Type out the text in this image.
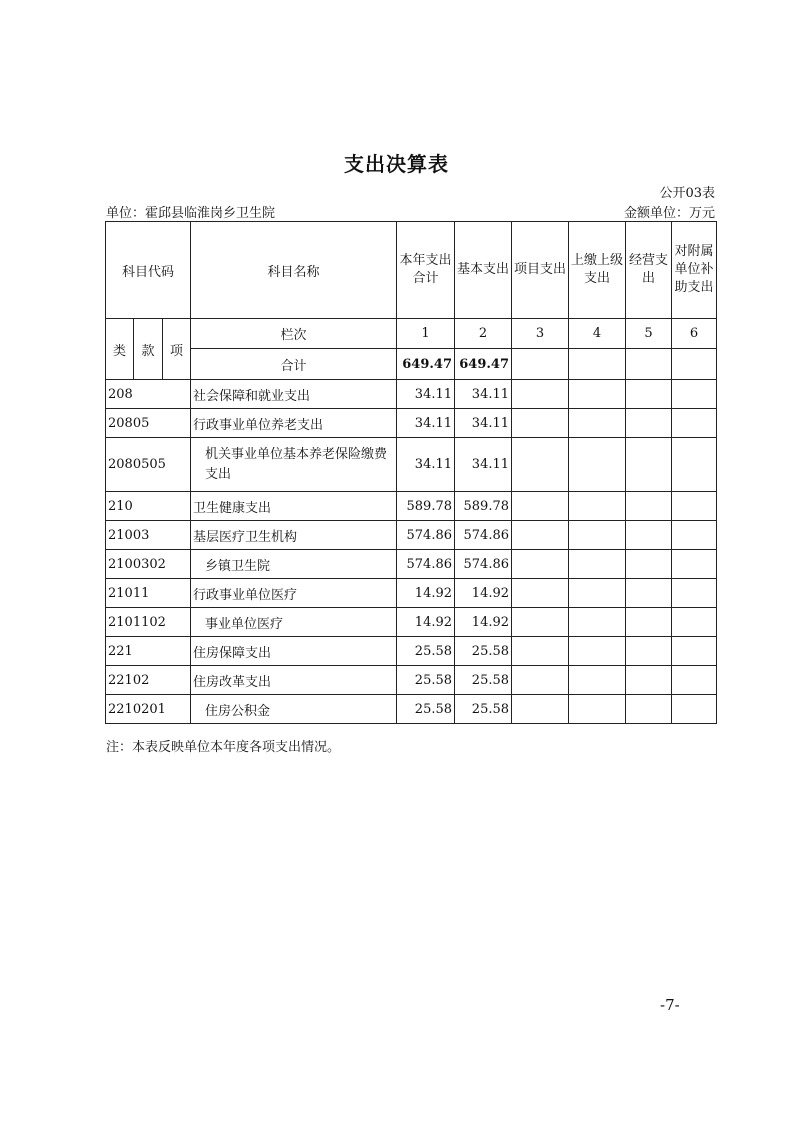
支出决算表
公开03表
单位：霍邱县临淮岗乡卫生院	金额单位：万元
科目代码			科目名称	本年支出合计	基本支出	项目支出	上缴上级支出	经营支出	对附属单位补助支出
类	款	项	栏次	1	2	3	4	5	6
			合计	649.47	649.47				
208			社会保障和就业支出	34.11	34.11				
20805			行政事业单位养老支出	34.11	34.11				
2080505			机关事业单位基本养老保险缴费支出	34.11	34.11				
210			卫生健康支出	589.78	589.78				
21003			基层医疗卫生机构	574.86	574.86				
2100302			乡镇卫生院	574.86	574.86				
21011			行政事业单位医疗	14.92	14.92				
2101102			事业单位医疗	14.92	14.92				
221			住房保障支出	25.58	25.58				
22102			住房改革支出	25.58	25.58				
2210201			住房公积金	25.58	25.58				
注：本表反映单位本年度各项支出情况。
-7-
